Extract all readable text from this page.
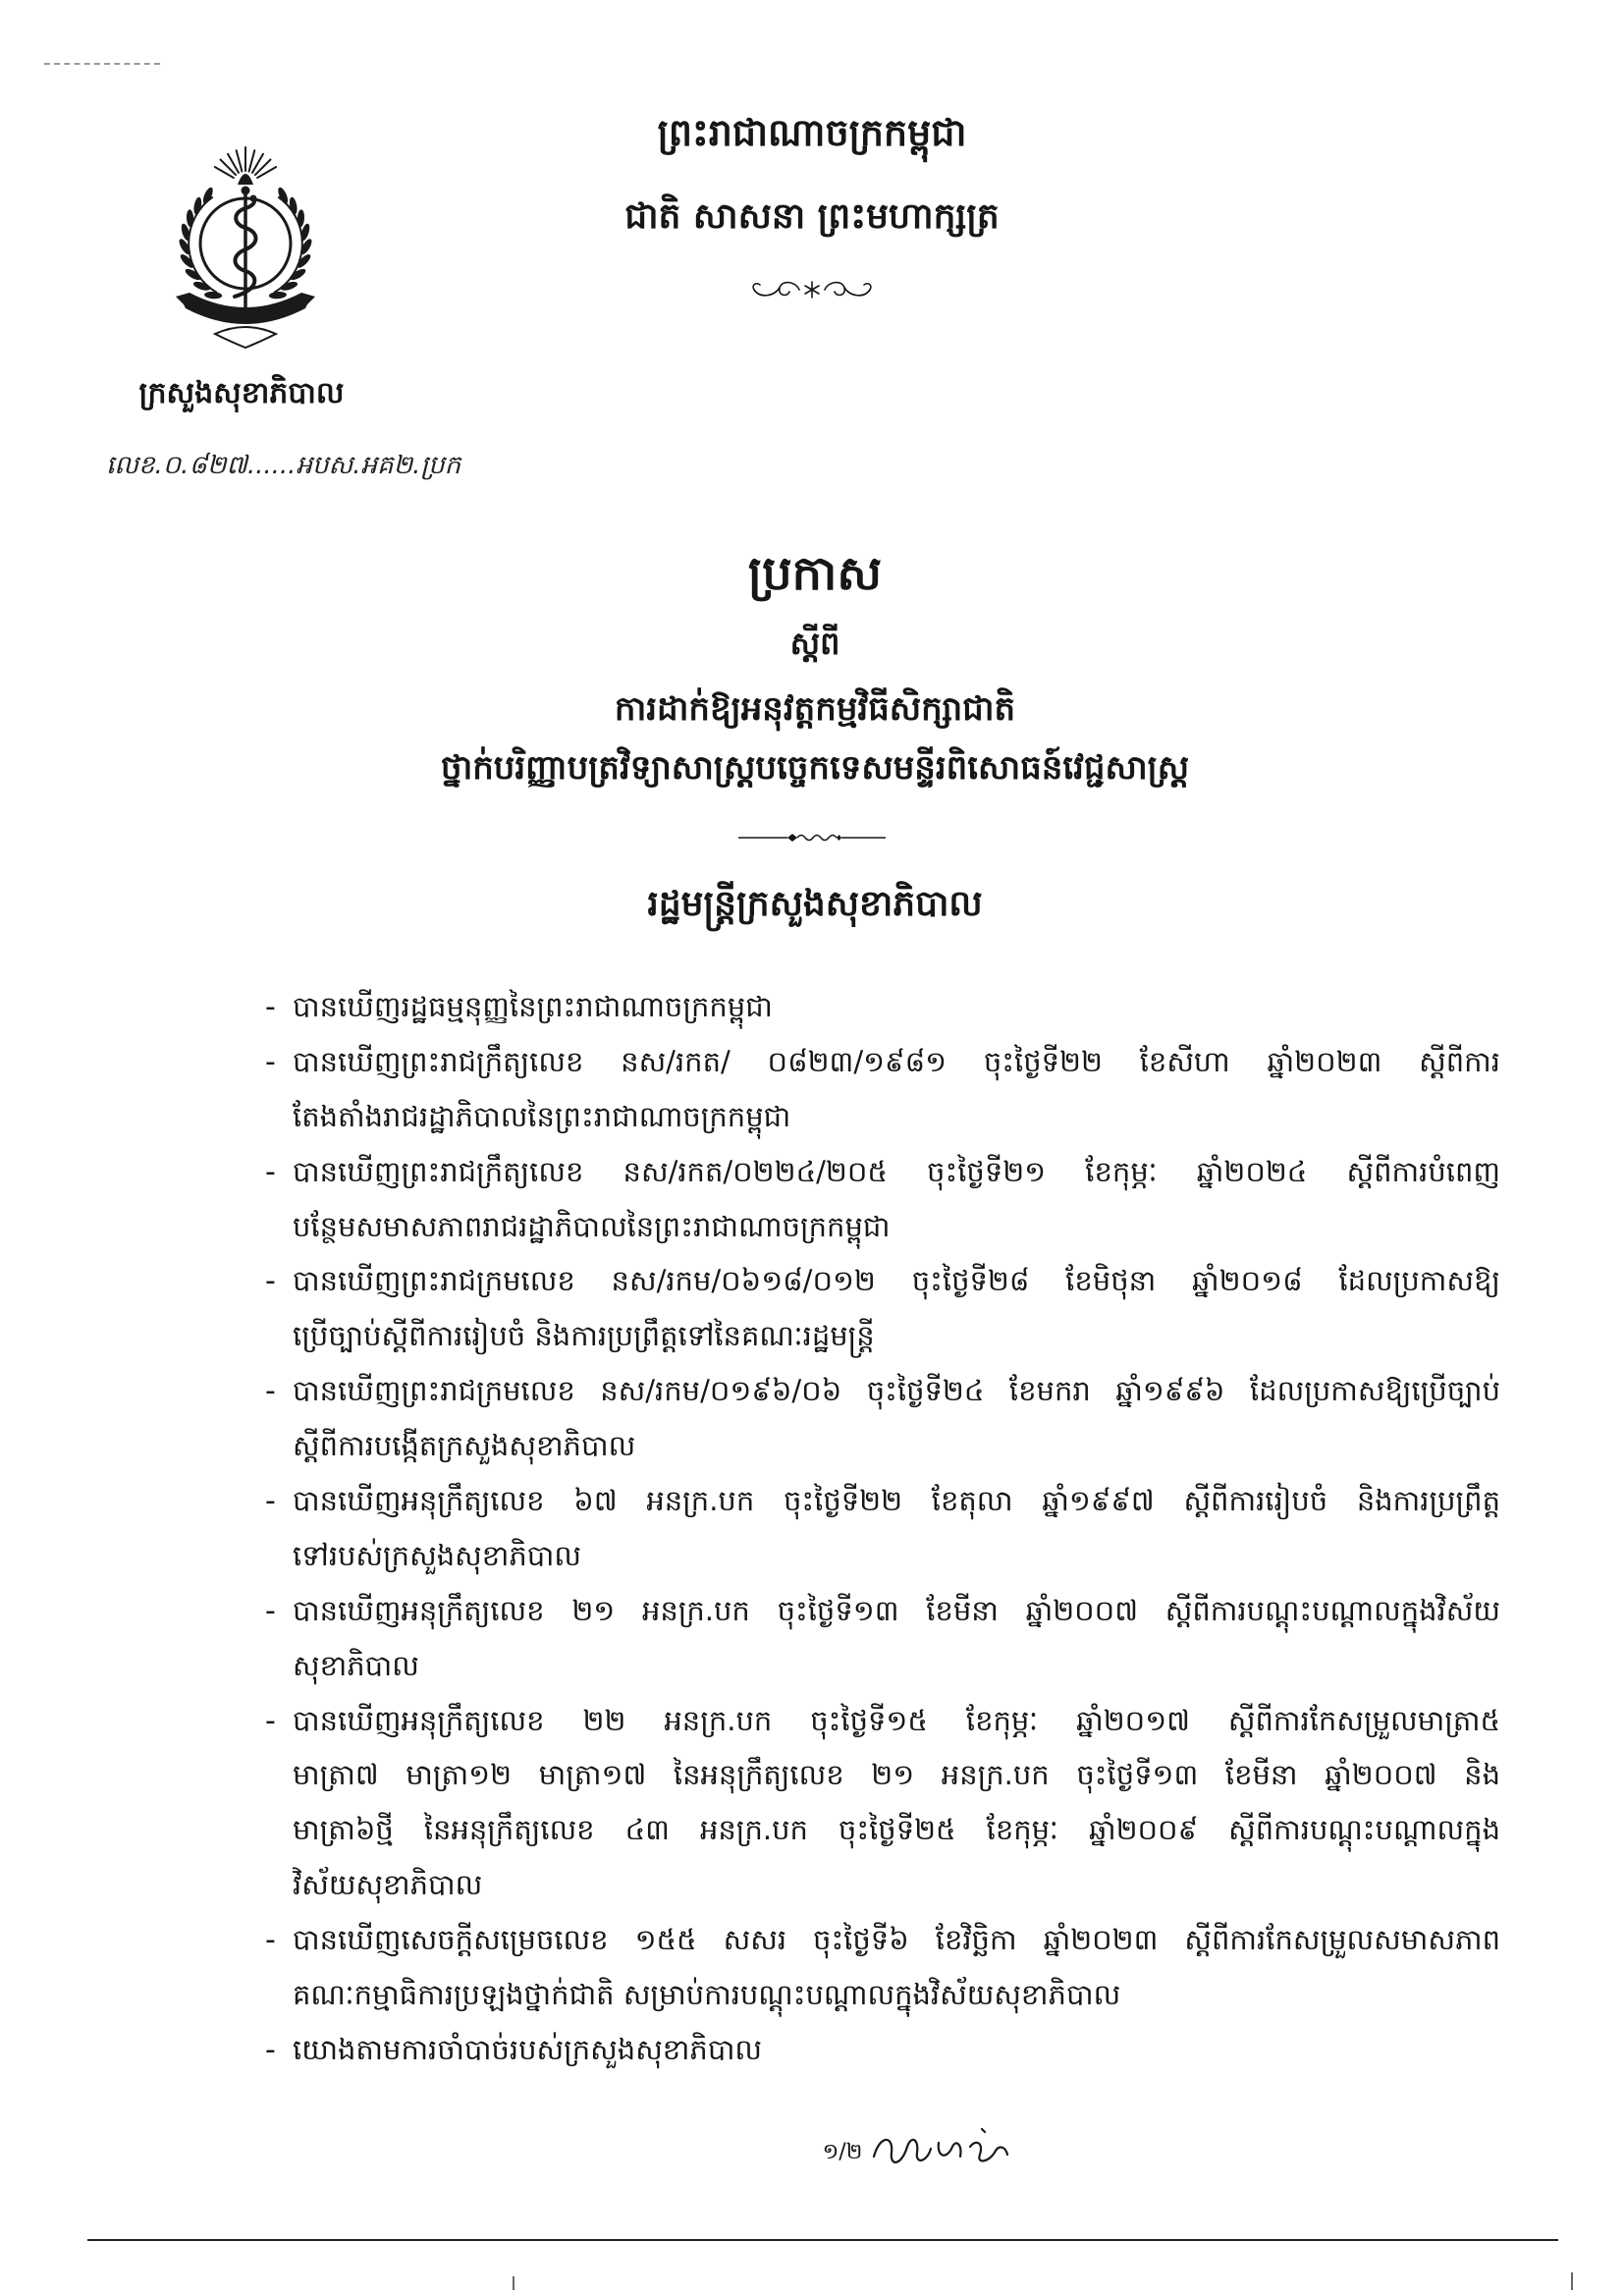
ព្រះរាជាណាចក្រកម្ពុជា
ជាតិ សាសនា ព្រះមហាក្សត្រ
ក្រសួងសុខាភិបាល
លេខ.០.៨២៧......អបស.អគ២.ប្រក
ប្រកាស
ស្តីពី
ការដាក់ឱ្យអនុវត្តកម្មវិធីសិក្សាជាតិ
ថ្នាក់បរិញ្ញាបត្រវិទ្យាសាស្ត្របច្ចេកទេសមន្ទីរពិសោធន៍វេជ្ជសាស្ត្រ
រដ្ឋមន្ត្រីក្រសួងសុខាភិបាល
- បានឃើញរដ្ឋធម្មនុញ្ញនៃព្រះរាជាណាចក្រកម្ពុជា
- បានឃើញព្រះរាជក្រឹត្យលេខ នស/រកត/ ០៨២៣/១៩៨១ ចុះថ្ងៃទី២២ ខែសីហា ឆ្នាំ២០២៣ ស្តីពីការ
តែងតាំងរាជរដ្ឋាភិបាលនៃព្រះរាជាណាចក្រកម្ពុជា
- បានឃើញព្រះរាជក្រឹត្យលេខ នស/រកត/០២២៤/២០៥ ចុះថ្ងៃទី២១ ខែកុម្ភៈ ឆ្នាំ២០២៤ ស្តីពីការបំពេញ
បន្ថែមសមាសភាពរាជរដ្ឋាភិបាលនៃព្រះរាជាណាចក្រកម្ពុជា
- បានឃើញព្រះរាជក្រមលេខ នស/រកម/០៦១៨/០១២ ចុះថ្ងៃទី២៨ ខែមិថុនា ឆ្នាំ២០១៨ ដែលប្រកាសឱ្យ
ប្រើច្បាប់ស្តីពីការរៀបចំ និងការប្រព្រឹត្តទៅនៃគណៈរដ្ឋមន្ត្រី
- បានឃើញព្រះរាជក្រមលេខ នស/រកម/០១៩៦/០៦ ចុះថ្ងៃទី២៤ ខែមករា ឆ្នាំ១៩៩៦ ដែលប្រកាសឱ្យប្រើច្បាប់
ស្តីពីការបង្កើតក្រសួងសុខាភិបាល
- បានឃើញអនុក្រឹត្យលេខ ៦៧ អនក្រ.បក ចុះថ្ងៃទី២២ ខែតុលា ឆ្នាំ១៩៩៧ ស្តីពីការរៀបចំ និងការប្រព្រឹត្ត
ទៅរបស់ក្រសួងសុខាភិបាល
- បានឃើញអនុក្រឹត្យលេខ ២១ អនក្រ.បក ចុះថ្ងៃទី១៣ ខែមីនា ឆ្នាំ២០០៧ ស្តីពីការបណ្តុះបណ្តាលក្នុងវិស័យ
សុខាភិបាល
- បានឃើញអនុក្រឹត្យលេខ ២២ អនក្រ.បក ចុះថ្ងៃទី១៥ ខែកុម្ភៈ ឆ្នាំ២០១៧ ស្តីពីការកែសម្រួលមាត្រា៥
មាត្រា៧ មាត្រា១២ មាត្រា១៧ នៃអនុក្រឹត្យលេខ ២១ អនក្រ.បក ចុះថ្ងៃទី១៣ ខែមីនា ឆ្នាំ២០០៧ និង
មាត្រា៦ថ្មី នៃអនុក្រឹត្យលេខ ៤៣ អនក្រ.បក ចុះថ្ងៃទី២៥ ខែកុម្ភៈ ឆ្នាំ២០០៩ ស្តីពីការបណ្តុះបណ្តាលក្នុង
វិស័យសុខាភិបាល
- បានឃើញសេចក្តីសម្រេចលេខ ១៥៥ សសរ ចុះថ្ងៃទី៦ ខែវិច្ឆិកា ឆ្នាំ២០២៣ ស្តីពីការកែសម្រួលសមាសភាព
គណៈកម្មាធិការប្រឡងថ្នាក់ជាតិ សម្រាប់ការបណ្តុះបណ្តាលក្នុងវិស័យសុខាភិបាល
- យោងតាមការចាំបាច់របស់ក្រសួងសុខាភិបាល
១/២
